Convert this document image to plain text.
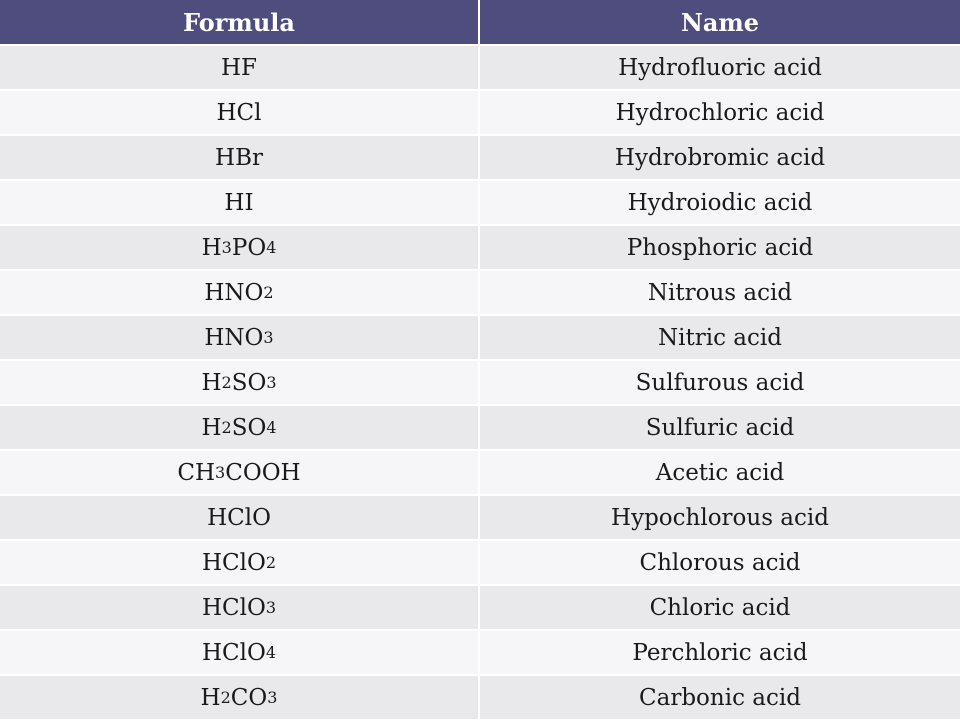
Formula	Name
H F	Hydrofluoric acid
HCl	Hydrochloric acid
HBr	Hydrobromic acid
HI	Hydroiodic acid
H 3 PO 4	Phosphoric acid
HNO 2	Nitrous acid
HNO 3	Nitric acid
H 2 SO 3	Sulfurous acid
H 2 SO 4	Sulfuric acid
CH 3 COOH	Acetic acid
HClO	Hypochlorous acid
HClO 2	Chlorous acid
HClO 3	Chloric acid
HClO 4	Perchloric acid
H 2 CO 3	Carbonic acid
